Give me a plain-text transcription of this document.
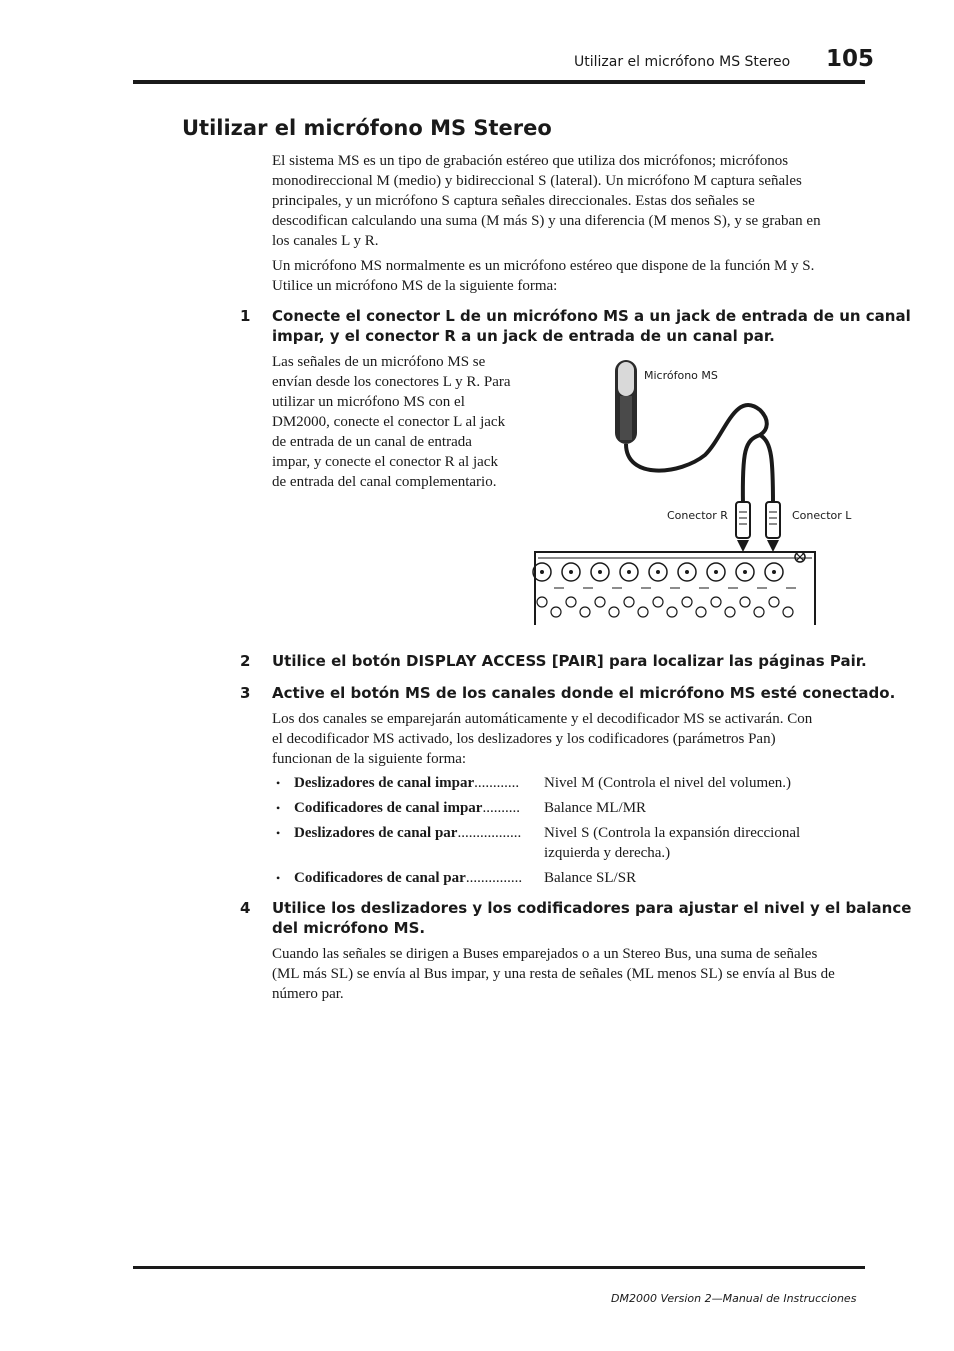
Utilizar el micrófono MS Stereo 105
Utilizar el micrófono MS Stereo
El sistema MS es un tipo de grabación estéreo que utiliza dos micrófonos; micrófonos
monodireccional M (medio) y bidireccional S (lateral). Un micrófono M captura señales
principales, y un micrófono S captura señales direccionales. Estas dos señales se
descodifican calculando una suma (M más S) y una diferencia (M menos S), y se graban en
los canales L y R.
Un micrófono MS normalmente es un micrófono estéreo que dispone de la función M y S.
Utilice un micrófono MS de la siguiente forma:
1 Conecte el conector L de un micrófono MS a un jack de entrada de un canal
impar, y el conector R a un jack de entrada de un canal par.
Las señales de un micrófono MS se
envían desde los conectores L y R. Para
utilizar un micrófono MS con el
DM2000, conecte el conector L al jack
de entrada de un canal de entrada
impar, y conecte el conector R al jack
de entrada del canal complementario.
Micrófono MS
Conector R	Conector L
2 Utilice el botón DISPLAY ACCESS [PAIR] para localizar las páginas Pair.
3 Active el botón MS de los canales donde el micrófono MS esté conectado.
Los dos canales se emparejarán automáticamente y el decodificador MS se activarán. Con
el decodificador MS activado, los deslizadores y los codificadores (parámetros Pan)
funcionan de la siguiente forma:
• Deslizadores de canal impar............ Nivel M (Controla el nivel del volumen.)
• Codificadores de canal impar.......... Balance ML/MR
• Deslizadores de canal par................. Nivel S (Controla la expansión direccional
izquierda y derecha.)
• Codificadores de canal par............... Balance SL/SR
4 Utilice los deslizadores y los codificadores para ajustar el nivel y el balance
del micrófono MS.
Cuando las señales se dirigen a Buses emparejados o a un Stereo Bus, una suma de señales
(ML más SL) se envía al Bus impar, y una resta de señales (ML menos SL) se envía al Bus de
número par.
DM2000 Version 2—Manual de Instrucciones
